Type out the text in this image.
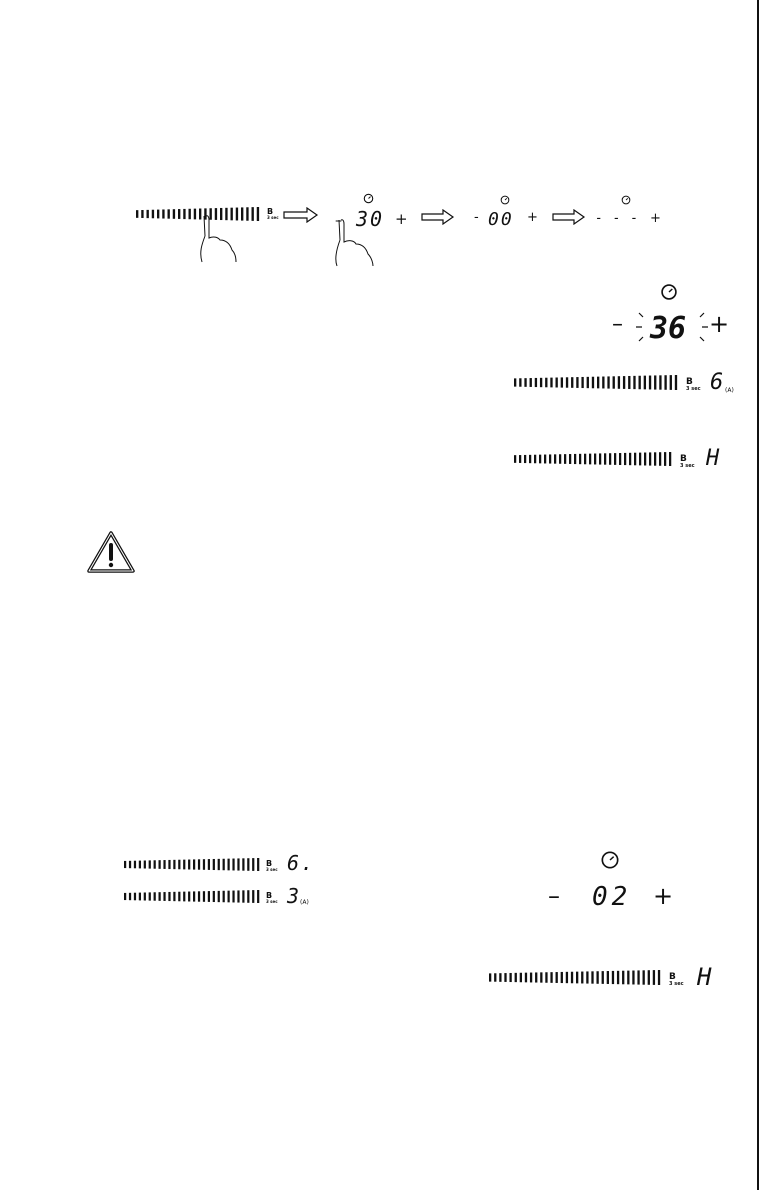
B
3 sec	– 30 +	- 00 +	- - - +
– 36 +
B
3 sec 6 (A)
B
3 sec H
B
3 sec 6.
B
3 sec 3
(A)	– 02 +
B
3 sec H
